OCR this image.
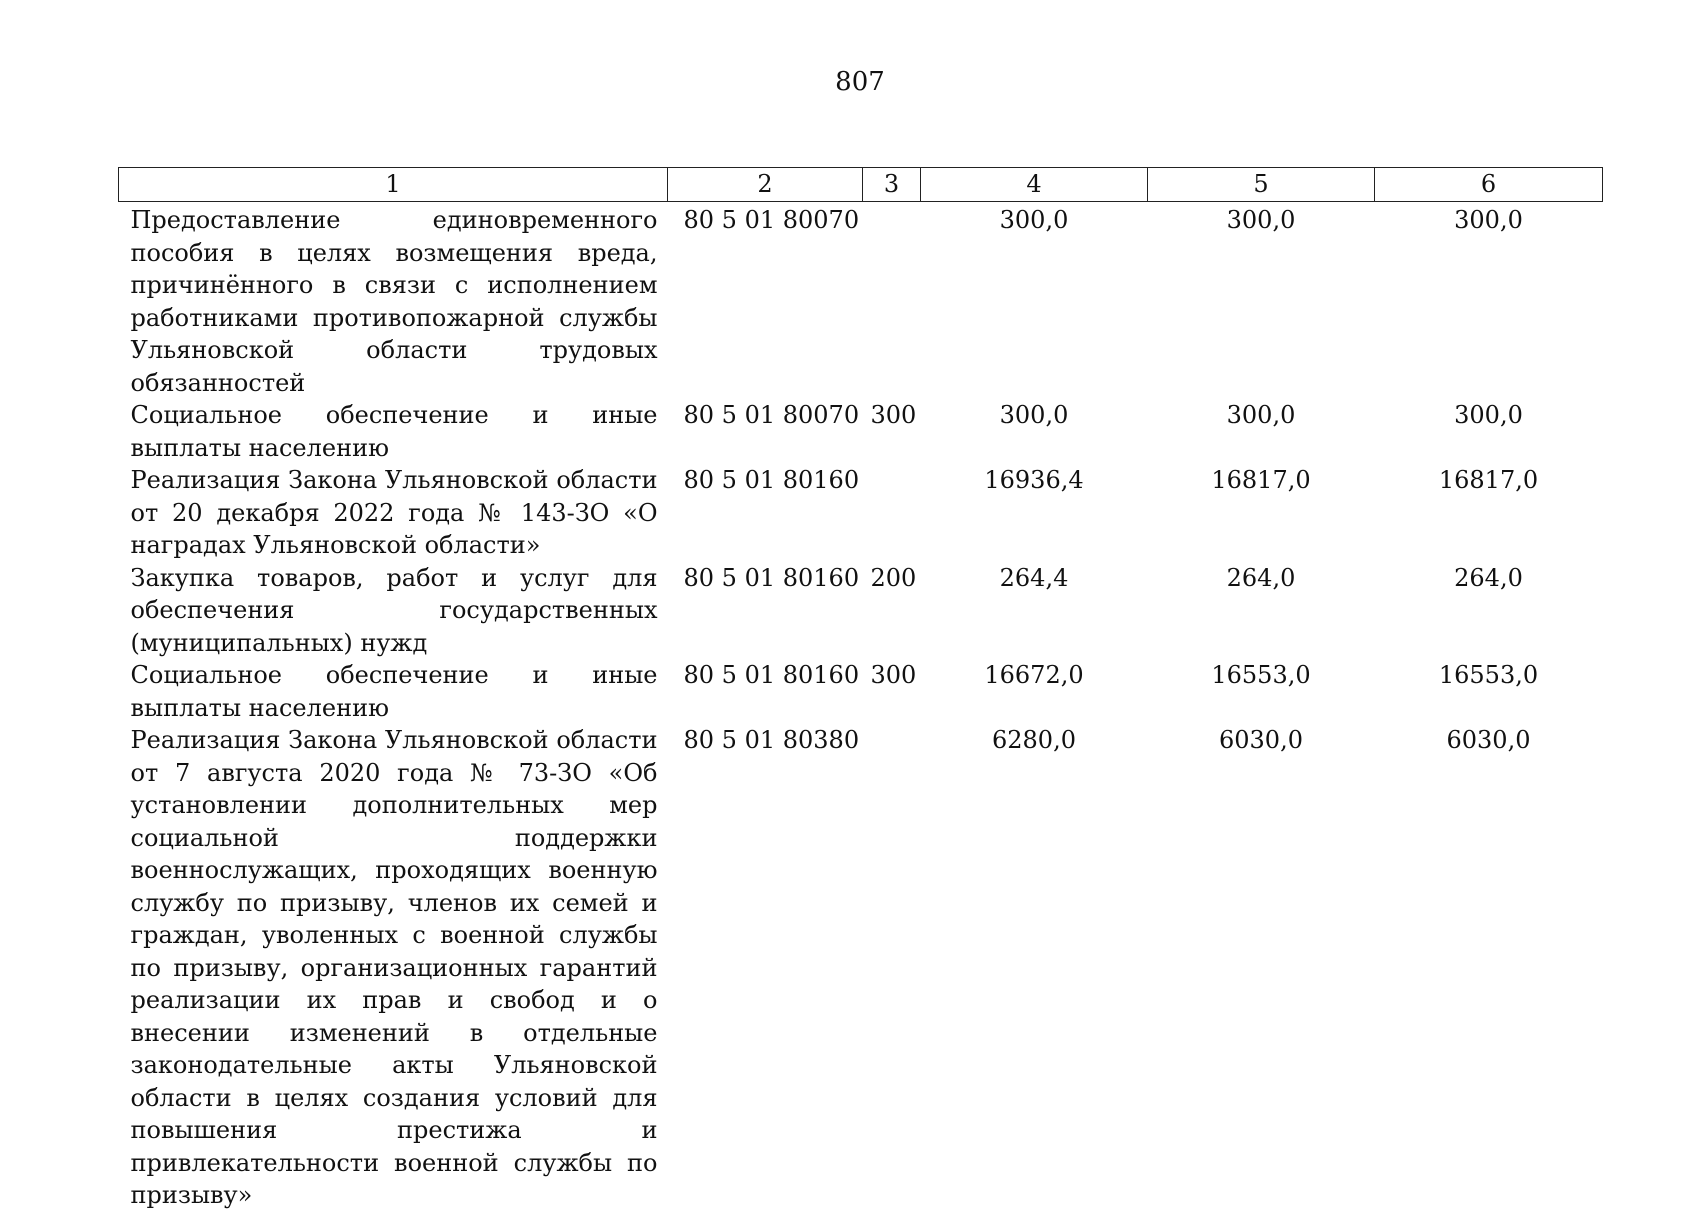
807
1	2	3	4	5	6
Предоставление единовременного пособия в целях возмещения вреда, причинённого в связи с исполнением работниками противопожарной службы Ульяновской области трудовых обязанностей	80 5 01 80070		300,0	300,0	300,0
Социальное обеспечение и иные выплаты населению	80 5 01 80070	300	300,0	300,0	300,0
Реализация Закона Ульяновской области от 20 декабря 2022 года № 143-ЗО «О наградах Ульяновской области»	80 5 01 80160		16936,4	16817,0	16817,0
Закупка товаров, работ и услуг для обеспечения государственных (муниципальных) нужд	80 5 01 80160	200	264,4	264,0	264,0
Социальное обеспечение и иные выплаты населению	80 5 01 80160	300	16672,0	16553,0	16553,0
Реализация Закона Ульяновской области от 7 августа 2020 года № 73-ЗО «Об установлении дополнительных мер социальной поддержки военнослужащих, проходящих военную службу по призыву, членов их семей и граждан, уволенных с военной службы по призыву, организационных гарантий реализации их прав и свобод и о внесении изменений в отдельные законодательные акты Ульяновской области в целях создания условий для повышения престижа и привлекательности военной службы по призыву»	80 5 01 80380		6280,0	6030,0	6030,0
